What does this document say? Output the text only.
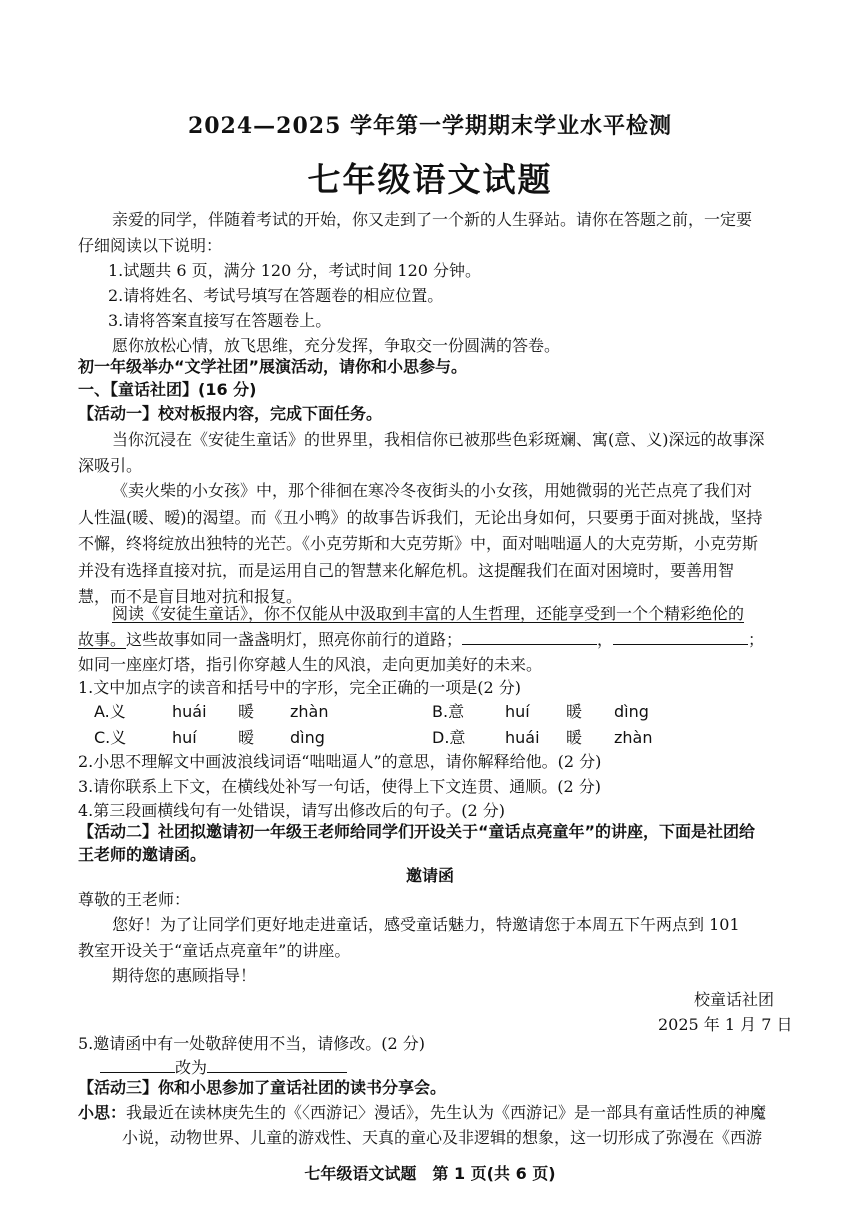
2024—2025 学年第一学期期末学业水平检测
七年级语文试题
亲爱的同学，伴随着考试的开始，你又走到了一个新的人生驿站。请你在答题之前，一定要
仔细阅读以下说明：
1.试题共 6 页，满分 120 分，考试时间 120 分钟。
2.请将姓名、考试号填写在答题卷的相应位置。
3.请将答案直接写在答题卷上。
愿你放松心情，放飞思维，充分发挥，争取交一份圆满的答卷。
初一年级举办“文学社团”展演活动，请你和小思参与。
一、【童话社团】(16 分)
【活动一】校对板报内容，完成下面任务。
当你沉浸在《安徒生童话》的世界里，我相信你已被那些色彩斑斓、寓(意、义)深远的故事深
深吸引。
《卖火柴的小女孩》中，那个徘徊在寒冷冬夜街头的小女孩，用她微弱的光芒点亮了我们对
人性温(暖、暧)的渴望。而《丑小鸭》的故事告诉我们，无论出身如何，只要勇于面对挑战，坚持
不懈，终将绽放出独特的光芒。《小克劳斯和大克劳斯》中，面对咄咄逼人的大克劳斯，小克劳斯
并没有选择直接对抗，而是运用自己的智慧来化解危机。这提醒我们在面对困境时，要善用智
慧，而不是盲目地对抗和报复。
阅读《安徒生童话》，你不仅能从中汲取到丰富的人生哲理，还能享受到一个个精彩绝伦的
故事。这些故事如同一盏盏明灯，照亮你前行的道路；	，	；
如同一座座灯塔，指引你穿越人生的风浪，走向更加美好的未来。
1.文中加点字的读音和括号中的字形，完全正确的一项是(2 分)
A.义	huái 暖 zhàn	B.意	huí 暖 dìng
C.义	huí	暧 dìng	D.意 huái 暖 zhàn
2.小思不理解文中画波浪线词语“咄咄逼人”的意思，请你解释给他。(2 分)
3.请你联系上下文，在横线处补写一句话，使得上下文连贯、通顺。(2 分)
4.第三段画横线句有一处错误，请写出修改后的句子。(2 分)
【活动二】社团拟邀请初一年级王老师给同学们开设关于“童话点亮童年”的讲座，下面是社团给
王老师的邀请函。
邀请函
尊敬的王老师：
您好！为了让同学们更好地走进童话，感受童话魅力，特邀请您于本周五下午两点到 101
教室开设关于“童话点亮童年”的讲座。
期待您的惠顾指导！
校童话社团
2025 年 1 月 7 日
5.邀请函中有一处敬辞使用不当，请修改。(2 分)
改为
【活动三】你和小思参加了童话社团的读书分享会。
小思：我最近在读林庚先生的《〈西游记〉漫话》，先生认为《西游记》是一部具有童话性质的神魔
小说，动物世界、儿童的游戏性、天真的童心及非逻辑的想象，这一切形成了弥漫在《西游
七年级语文试题　第 1 页(共 6 页)
